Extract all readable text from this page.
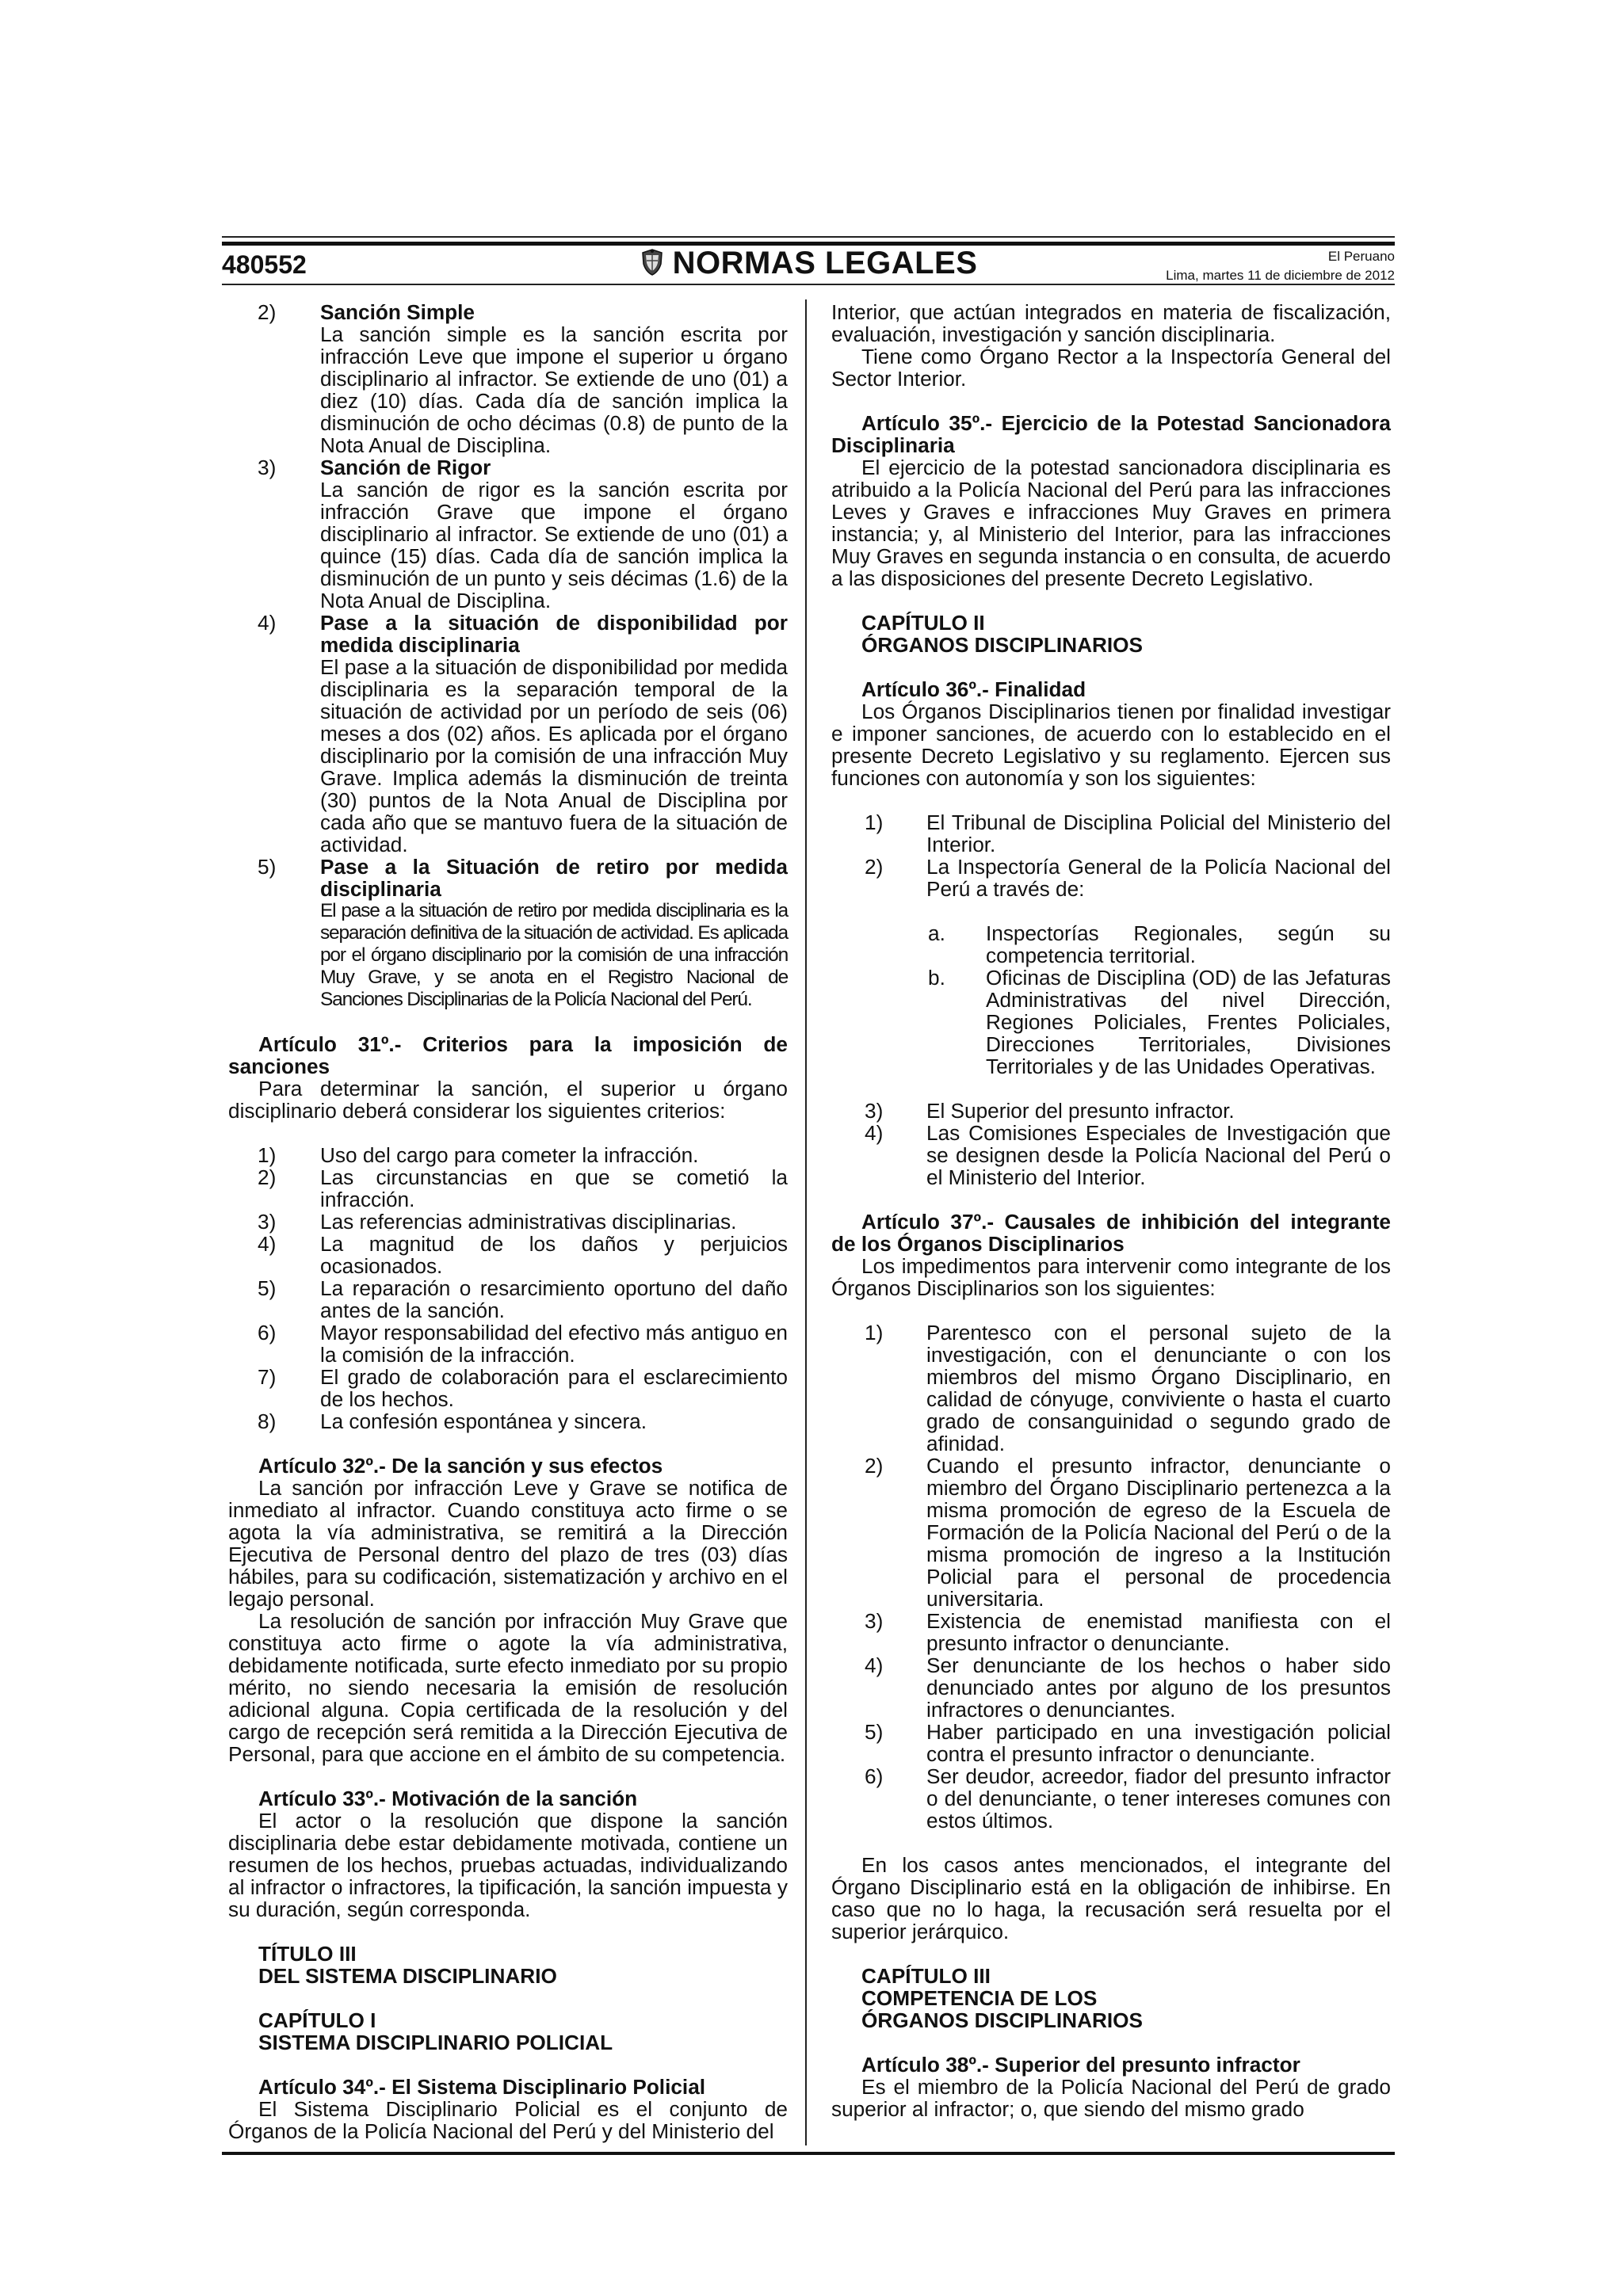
480552	NORMAS LEGALES	El Peruano
Lima, martes 11 de diciembre de 2012
2)	Sanción Simple
La sanción simple es la sanción escrita por infracción Leve que impone el superior u órgano disciplinario al infractor. Se extiende de uno (01) a diez (10) días. Cada día de sanción implica la disminución de ocho décimas (0.8) de punto de la Nota Anual de Disciplina.
3)	Sanción de Rigor
La sanción de rigor es la sanción escrita por infracción Grave que impone el órgano disciplinario al infractor. Se extiende de uno (01) a quince (15) días. Cada día de sanción implica la disminución de un punto y seis décimas (1.6) de la Nota Anual de Disciplina.
4)	Pase a la situación de disponibilidad por medida disciplinaria
El pase a la situación de disponibilidad por medida disciplinaria es la separación temporal de la situación de actividad por un período de seis (06) meses a dos (02) años. Es aplicada por el órgano disciplinario por la comisión de una infracción Muy Grave. Implica además la disminución de treinta (30) puntos de la Nota Anual de Disciplina por cada año que se mantuvo fuera de la situación de actividad.
5)	Pase a la Situación de retiro por medida disciplinaria
El pase a la situación de retiro por medida disciplinaria es la separación definitiva de la situación de actividad. Es aplicada por el órgano disciplinario por la comisión de una infracción Muy Grave, y se anota en el Registro Nacional de Sanciones Disciplinarias de la Policía Nacional del Perú.

Artículo 31º.- Criterios para la imposición de sanciones

Para determinar la sanción, el superior u órgano disciplinario deberá considerar los siguientes criterios:

1)	Uso del cargo para cometer la infracción.
2)	Las circunstancias en que se cometió la infracción.
3)	Las referencias administrativas disciplinarias.
4)	La magnitud de los daños y perjuicios ocasionados.
5)	La reparación o resarcimiento oportuno del daño antes de la sanción.
6)	Mayor responsabilidad del efectivo más antiguo en la comisión de la infracción.
7)	El grado de colaboración para el esclarecimiento de los hechos.
8)	La confesión espontánea y sincera.

Artículo 32º.- De la sanción y sus efectos

La sanción por infracción Leve y Grave se notifica de inmediato al infractor. Cuando constituya acto firme o se agota la vía administrativa, se remitirá a la Dirección Ejecutiva de Personal dentro del plazo de tres (03) días hábiles, para su codificación, sistematización y archivo en el legajo personal.

La resolución de sanción por infracción Muy Grave que constituya acto firme o agote la vía administrativa, debidamente notificada, surte efecto inmediato por su propio mérito, no siendo necesaria la emisión de resolución adicional alguna. Copia certificada de la resolución y del cargo de recepción será remitida a la Dirección Ejecutiva de Personal, para que accione en el ámbito de su competencia.

Artículo 33º.- Motivación de la sanción

El actor o la resolución que dispone la sanción disciplinaria debe estar debidamente motivada, contiene un resumen de los hechos, pruebas actuadas, individualizando al infractor o infractores, la tipificación, la sanción impuesta y su duración, según corresponda.

TÍTULO III

DEL SISTEMA DISCIPLINARIO

CAPÍTULO I

SISTEMA DISCIPLINARIO POLICIAL

Artículo 34º.- El Sistema Disciplinario Policial

El Sistema Disciplinario Policial es el conjunto de Órganos de la Policía Nacional del Perú y del Ministerio del

Interior, que actúan integrados en materia de fiscalización, evaluación, investigación y sanción disciplinaria.

Tiene como Órgano Rector a la Inspectoría General del Sector Interior.

Artículo 35º.- Ejercicio de la Potestad Sancionadora Disciplinaria

El ejercicio de la potestad sancionadora disciplinaria es atribuido a la Policía Nacional del Perú para las infracciones Leves y Graves e infracciones Muy Graves en primera instancia; y, al Ministerio del Interior, para las infracciones Muy Graves en segunda instancia o en consulta, de acuerdo a las disposiciones del presente Decreto Legislativo.

CAPÍTULO II

ÓRGANOS DISCIPLINARIOS

Artículo 36º.- Finalidad

Los Órganos Disciplinarios tienen por finalidad investigar e imponer sanciones, de acuerdo con lo establecido en el presente Decreto Legislativo y su reglamento. Ejercen sus funciones con autonomía y son los siguientes:

1)	El Tribunal de Disciplina Policial del Ministerio del Interior.
2)	La Inspectoría General de la Policía Nacional del Perú a través de:
a.	Inspectorías Regionales, según su competencia territorial.
b.	Oficinas de Disciplina (OD) de las Jefaturas Administrativas del nivel Dirección, Regiones Policiales, Frentes Policiales, Direcciones Territoriales, Divisiones Territoriales y de las Unidades Operativas.
3)	El Superior del presunto infractor.
4)	Las Comisiones Especiales de Investigación que se designen desde la Policía Nacional del Perú o el Ministerio del Interior.

Artículo 37º.- Causales de inhibición del integrante de los Órganos Disciplinarios

Los impedimentos para intervenir como integrante de los Órganos Disciplinarios son los siguientes:

1)	Parentesco con el personal sujeto de la investigación, con el denunciante o con los miembros del mismo Órgano Disciplinario, en calidad de cónyuge, conviviente o hasta el cuarto grado de consanguinidad o segundo grado de afinidad.
2)	Cuando el presunto infractor, denunciante o miembro del Órgano Disciplinario pertenezca a la misma promoción de egreso de la Escuela de Formación de la Policía Nacional del Perú o de la misma promoción de ingreso a la Institución Policial para el personal de procedencia universitaria.
3)	Existencia de enemistad manifiesta con el presunto infractor o denunciante.
4)	Ser denunciante de los hechos o haber sido denunciado antes por alguno de los presuntos infractores o denunciantes.
5)	Haber participado en una investigación policial contra el presunto infractor o denunciante.
6)	Ser deudor, acreedor, fiador del presunto infractor o del denunciante, o tener intereses comunes con estos últimos.

En los casos antes mencionados, el integrante del Órgano Disciplinario está en la obligación de inhibirse. En caso que no lo haga, la recusación será resuelta por el superior jerárquico.

CAPÍTULO III

COMPETENCIA DE LOS

ÓRGANOS DISCIPLINARIOS

Artículo 38º.- Superior del presunto infractor

Es el miembro de la Policía Nacional del Perú de grado superior al infractor; o, que siendo del mismo grado
